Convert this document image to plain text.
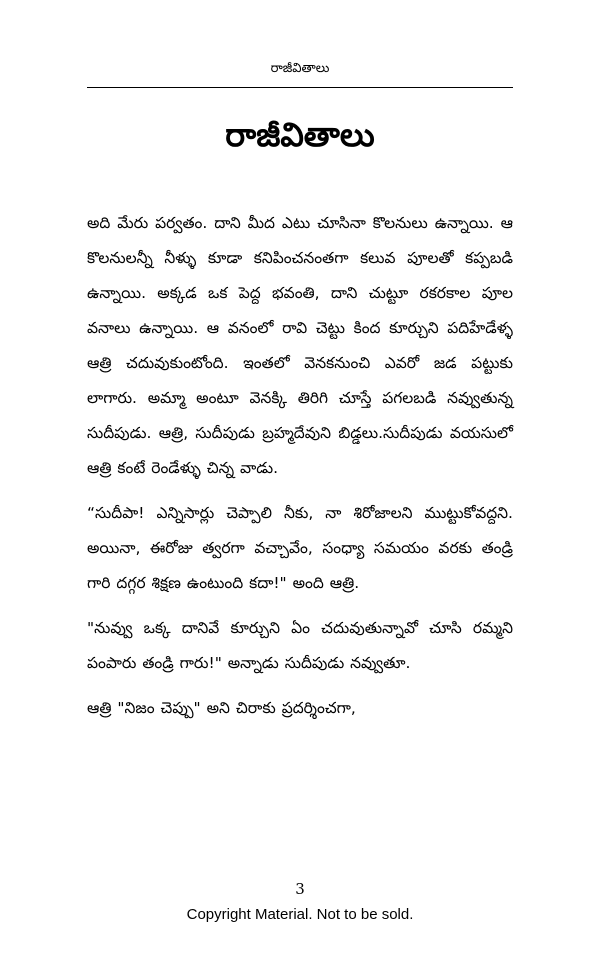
రాజీవితాలు
రాజీవితాలు

అది మేరు పర్వతం. దాని మీద ఎటు చూసినా కొలనులు ఉన్నాయి. ఆ కొలనులన్నీ నీళ్ళు కూడా కనిపించనంతగా కలువ పూలతో కప్పబడి ఉన్నాయి. అక్కడ ఒక పెద్ద భవంతి, దాని చుట్టూ రకరకాల పూల వనాలు ఉన్నాయి. ఆ వనంలో రావి చెట్టు కింద కూర్చుని పదిహేడేళ్ళ ఆత్రి చదువుకుంటోంది. ఇంతలో వెనకనుంచి ఎవరో జడ పట్టుకు లాగారు. అమ్మా అంటూ వెనక్కి తిరిగి చూస్తే పగలబడి నవ్వుతున్న సుదీపుడు. ఆత్రి, సుదీపుడు బ్రహ్మదేవుని బిడ్డలు.సుదీపుడు వయసులో ఆత్రి కంటే రెండేళ్ళు చిన్న వాడు.

“సుదీపా! ఎన్నిసార్లు చెప్పాలి నీకు, నా శిరోజాలని ముట్టుకోవద్దని. అయినా, ఈరోజు త్వరగా వచ్చావేం, సంధ్యా సమయం వరకు తండ్రి గారి దగ్గర శిక్షణ ఉంటుంది కదా!" అంది ఆత్రి.

"నువ్వు ఒక్క దానివే కూర్చుని ఏం చదువుతున్నావో చూసి రమ్మని పంపారు తండ్రి గారు!" అన్నాడు సుదీపుడు నవ్వుతూ.

ఆత్రి "నిజం చెప్పు" అని చిరాకు ప్రదర్శించగా,

3
Copyright Material. Not to be sold.
